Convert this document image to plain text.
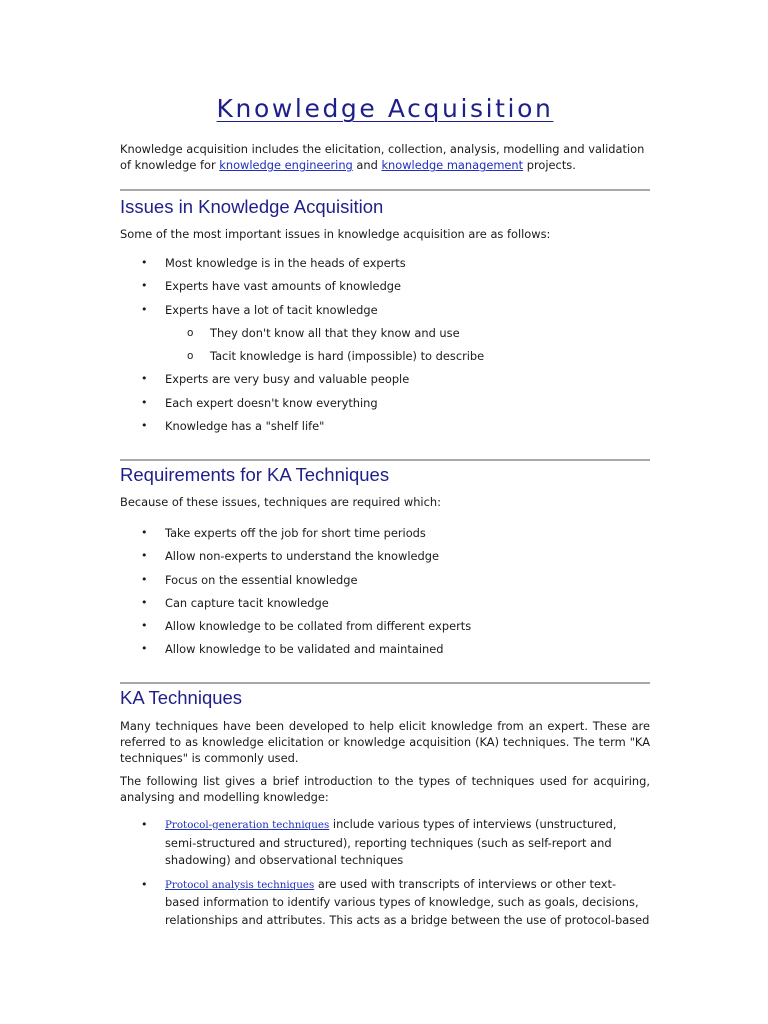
Knowledge Acquisition

Knowledge acquisition includes the elicitation, collection, analysis, modelling and validation
of knowledge for knowledge engineering and knowledge management projects.

Issues in Knowledge Acquisition

Some of the most important issues in knowledge acquisition are as follows:

• Most knowledge is in the heads of experts
• Experts have vast amounts of knowledge
• Experts have a lot of tacit knowledge
o They don't know all that they know and use
o Tacit knowledge is hard (impossible) to describe
• Experts are very busy and valuable people
• Each expert doesn't know everything
• Knowledge has a "shelf life"
Requirements for KA Techniques

Because of these issues, techniques are required which:

• Take experts off the job for short time periods
• Allow non-experts to understand the knowledge
• Focus on the essential knowledge
• Can capture tacit knowledge
• Allow knowledge to be collated from different experts
• Allow knowledge to be validated and maintained
KA Techniques

Many techniques have been developed to help elicit knowledge from an expert. These are referred to as knowledge elicitation or knowledge acquisition (KA) techniques. The term "KA techniques" is commonly used.

The following list gives a brief introduction to the types of techniques used for acquiring, analysing and modelling knowledge:

• Protocol-generation techniques include various types of interviews (unstructured, semi-structured and structured), reporting techniques (such as self-report and shadowing) and observational techniques
• Protocol analysis techniques are used with transcripts of interviews or other text-based information to identify various types of knowledge, such as goals, decisions, relationships and attributes. This acts as a bridge between the use of protocol-based
